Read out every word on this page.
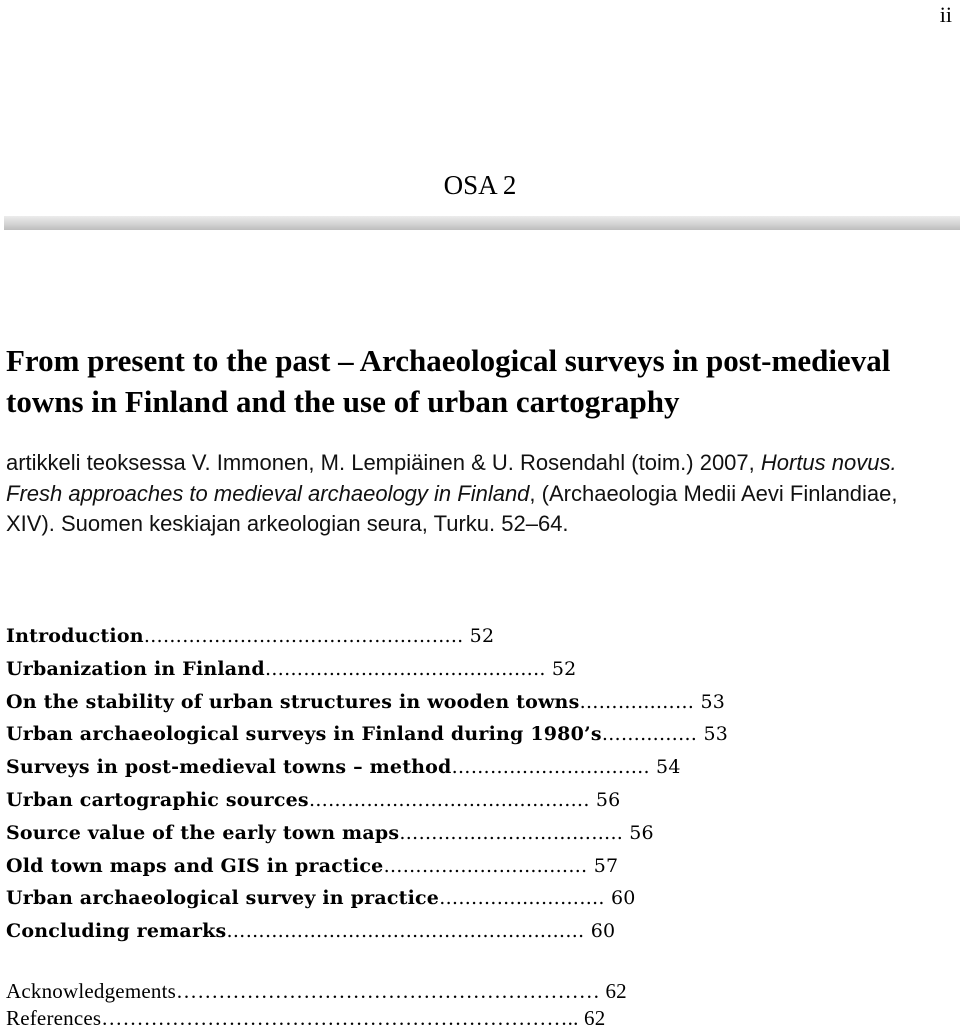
ii
OSA 2
From present to the past – Archaeological surveys in post-medieval towns in Finland and the use of urban cartography
artikkeli teoksessa V. Immonen, M. Lempiäinen & U. Rosendahl (toim.) 2007, Hortus novus. Fresh approaches to medieval archaeology in Finland, (Archaeologia Medii Aevi Finlandiae, XIV). Suomen keskiajan arkeologian seura, Turku. 52–64.
Introduction………………………………………….. 52
Urbanization in Finland……………………………...…….. 52
On the stability of urban structures in wooden towns………...…… 53
Urban archaeological surveys in Finland during 1980’s……...…… 53
Surveys in post-medieval towns – method…………………………. 54
Urban cartographic sources…………………………....………. 56
Source value of the early town maps…………………………….. 56
Old town maps and GIS in practice………………….....…… 57
Urban archaeological survey in practice…………....………. 60
Concluding remarks…………………………………………..…… 60
Acknowledgements…………………………………………………… 62
References………………………………………………………….. 62
